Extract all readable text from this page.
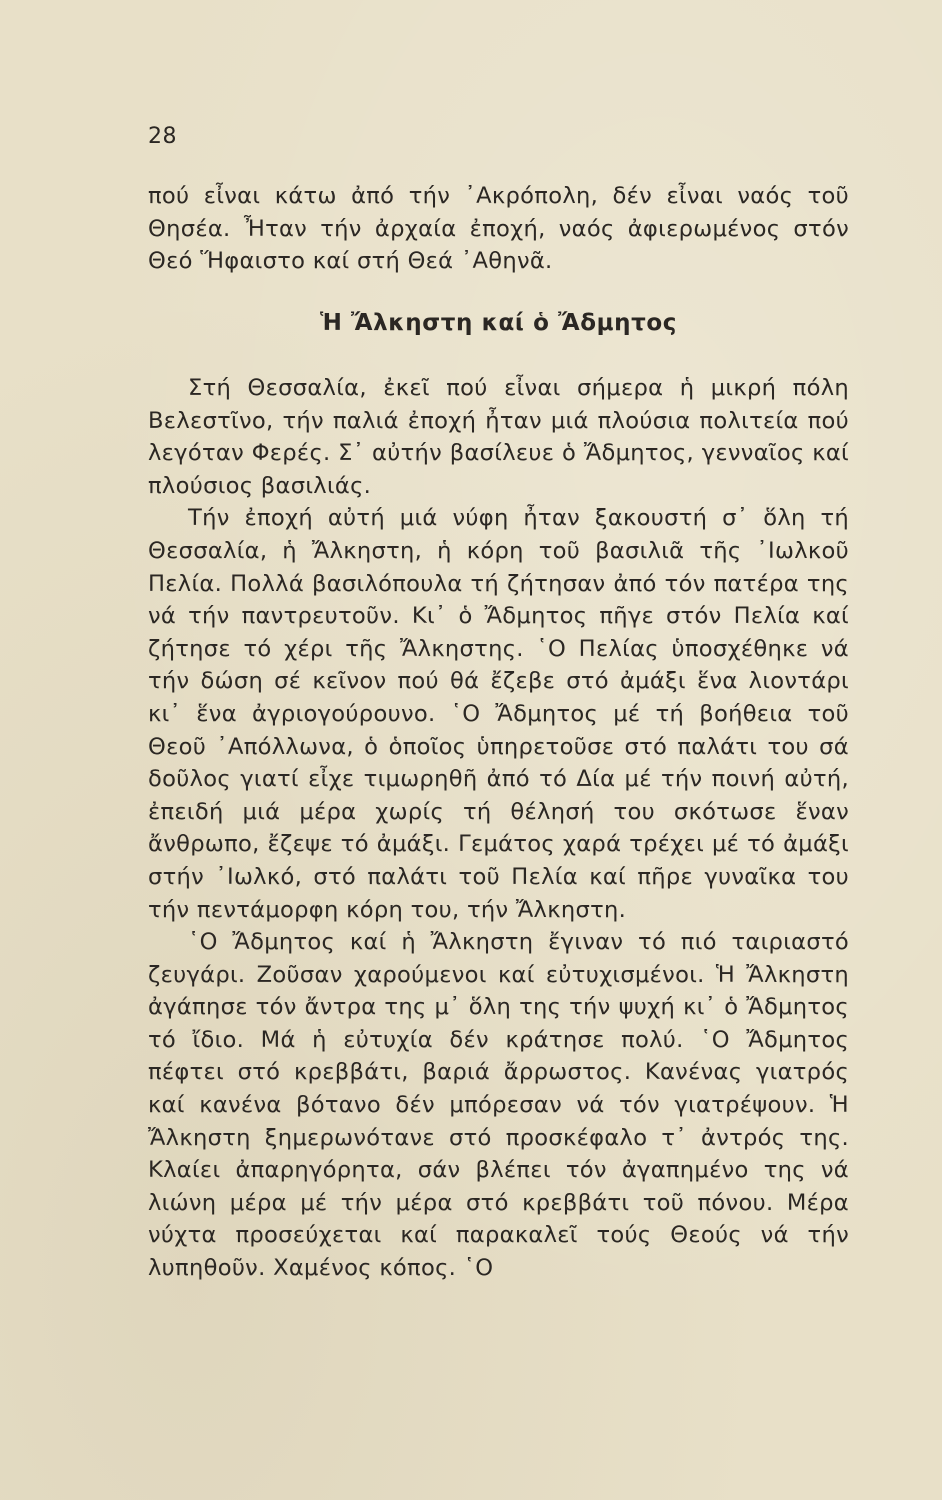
28

πού εἶναι κάτω ἀπό τήν ᾽Ακρόπολη, δέν εἶναι ναός τοῦ Θησέα. Ἦταν τήν ἀρχαία ἐποχή, ναός ἀφιερωμένος στόν Θεό Ἥφαιστο καί στή Θεά ᾽Αθηνᾶ.

Ἡ Ἄλκηστη καί ὁ Ἄδμητος

Στή Θεσσαλία, ἐκεῖ πού εἶναι σήμερα ἡ μικρή πόλη Βελεστῖνο, τήν παλιά ἐποχή ἦταν μιά πλούσια πολιτεία πού λεγόταν Φερές. Σ᾽ αὐτήν βασίλευε ὁ Ἄδμητος, γενναῖος καί πλούσιος βασιλιάς.

Τήν ἐποχή αὐτή μιά νύφη ἦταν ξακουστή σ᾽ ὅλη τή Θεσσαλία, ἡ Ἄλκηστη, ἡ κόρη τοῦ βασιλιᾶ τῆς ᾽Ιωλκοῦ Πελία. Πολλά βασιλόπουλα τή ζήτησαν ἀπό τόν πατέρα της νά τήν παντρευτοῦν. Κι᾽ ὁ Ἄδμητος πῆγε στόν Πελία καί ζήτησε τό χέρι τῆς Ἄλκηστης. ῾Ο Πελίας ὑποσχέθηκε νά τήν δώση σέ κεῖνον πού θά ἔζεβε στό ἀμάξι ἕνα λιοντάρι κι᾽ ἕνα ἀγριογούρουνο. ῾Ο Ἄδμητος μέ τή βοήθεια τοῦ Θεοῦ ᾽Απόλλωνα, ὁ ὁποῖος ὑπηρετοῦσε στό παλάτι του σά δοῦλος γιατί εἶχε τιμωρηθῆ ἀπό τό Δία μέ τήν ποινή αὐτή, ἐπειδή μιά μέρα χωρίς τή θέλησή του σκότωσε ἕναν ἄνθρωπο, ἔζεψε τό ἀμάξι. Γεμάτος χαρά τρέχει μέ τό ἀμάξι στήν ᾽Ιωλκό, στό παλάτι τοῦ Πελία καί πῆρε γυναῖκα του τήν πεντάμορφη κόρη του, τήν Ἄλκηστη.

῾Ο Ἄδμητος καί ἡ Ἄλκηστη ἔγιναν τό πιό ταιριαστό ζευγάρι. Ζοῦσαν χαρούμενοι καί εὐτυχισμένοι. Ἡ Ἄλκηστη ἀγάπησε τόν ἄντρα της μ᾽ ὅλη της τήν ψυχή κι᾽ ὁ Ἄδμητος τό ἴδιο. Μά ἡ εὐτυχία δέν κράτησε πολύ. ῾Ο Ἄδμητος πέφτει στό κρεββάτι, βαριά ἄρρωστος. Κανένας γιατρός καί κανένα βότανο δέν μπόρεσαν νά τόν γιατρέψουν. Ἡ Ἄλκηστη ξημερωνότανε στό προσκέφαλο τ᾽ ἀντρός της. Κλαίει ἀπαρηγόρητα, σάν βλέπει τόν ἀγαπημένο της νά λιώνη μέρα μέ τήν μέρα στό κρεββάτι τοῦ πόνου. Μέρα νύχτα προσεύχεται καί παρακαλεῖ τούς Θεούς νά τήν λυπηθοῦν. Χαμένος κόπος. ῾Ο
